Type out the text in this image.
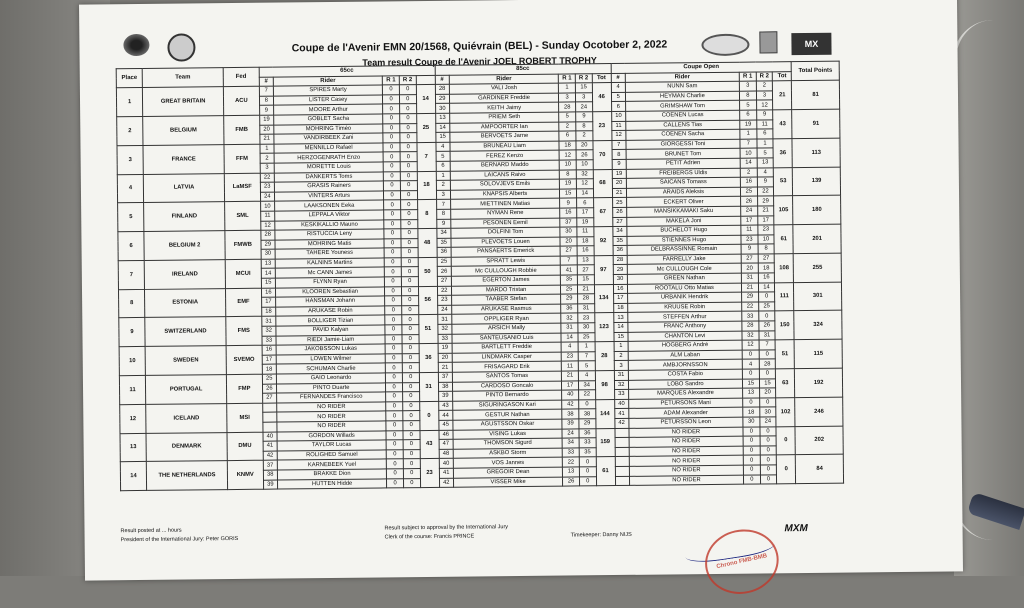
MX
Coupe de l'Avenir EMN 20/1568, Quiévrain (BEL) - Sunday Ocotober 2, 2022
Team result Coupe de l'Avenir JOEL ROBERT TROPHY
Place	Team	Fed	65cc					85cc					Coupe Open					Total Points
			#	Rider	R 1	R 2		#	Rider	R 1	R 2	Tot	#	Rider	R 1	R 2	Tot	
1	GREAT BRITAIN	ACU	7	SPIRES Marty	0	0	14	28	VALI Josh	1	15	46	4	NUNN Sam	3	2	21	81
			8	LISTER Casey	0	0		29	GARDINER Freddie	3	3		5	HEYMAN Charlie	8	3		
			9	MOORE Arthur	0	0		30	KEITH Jaimy	28	24		6	GRIMSHAW Tom	5	12		
2	BELGIUM	FMB	19	GOBLET Sacha	0	0	25	13	PRIEM Seth	5	9	23	10	COENEN Lucas	6	9	43	91
			20	MOHRING Timéo	0	0		14	AMPOORTER Ian	2	8		11	CALLENS Tias	19	11		
			21	VANDIRBEEK Zani	0	0		15	BERVOETS Jarne	6	2		12	COENEN Sacha	1	6		
3	FRANCE	FFM	1	MENNILLO Rafael	0	0	7	4	BRUNEAU Liam	18	20	70	7	GIORGESSI Toni	7	1	36	113
			2	HERZOGENRATH Enzo	0	0		5	FEREZ Kenzo	12	26		8	BRUNET Tom	10	5		
			3	MORETTE Louis	0	0		6	BERNARD Maddo	10	10		9	PETIT Adrien	14	13		
4	LATVIA	LaMSF	22	DANKERTS Toms	0	0	18	1	LAICANS Raivo	8	32	68	19	FREIBERGS Uldis	2	4	53	139
			23	GRASIS Rainers	0	0		2	SOLOVJEVS Emils	19	12		20	SAICANS Tomass	16	9		
			24	VINTERS Arturs	0	0		3	KNAPSIS Alberts	15	14		21	ARAIDS Aleksis	25	22		
5	FINLAND	SML	10	LAAKSONEN Eeka	0	0	8	7	MIETTINEN Matias	9	6	67	25	ECKERT Oliver	26	29	105	180
			11	LEPPALA Viktor	0	0		8	NYMAN Rene	16	17		26	MANSIKKAMAKI Saku	24	21		
			12	KESKIKALLIO Mauno	0	0		9	PESONEN Eemil	37	19		27	MAKELA Joni	17	17		
6	BELGIUM 2	FMWB	28	RISTUCCIA Leny	0	0	48	34	DOLFINI Tom	30	11	92	34	BUCHELOT Hugo	11	23	61	201
			29	MOHRING Matis	0	0		35	PLEVOETS Louen	20	18		35	STIENNES Hugo	23	10		
			30	TAHERE Youness	0	0		36	PANSAERTS Emerick	27	16		36	DELBRASSINNE Romain	9	8		
7	IRELAND	MCUI	13	KALNINS Martins	0	0	50	25	SPRATT Lewis	7	13	97	28	FARRELLY Jake	27	27	108	255
			14	Mc CANN James	0	0		26	Mc CULLOUGH Robbie	41	27		29	Mc CULLOUGH Cole	20	18		
			15	FLYNN Ryan	0	0		27	EGERTON James	35	15		30	GREEN Nathan	31	16		
8	ESTONIA	EMF	16	KLOOREN Sebastian	0	0	56	22	MARDO Tristan	25	21	134	16	ROOTALU Otto Matias	21	14	111	301
			17	HANSMAN Johann	0	0		23	TAABER Stefan	29	28		17	URBANIK Hendrik	29	0		
			18	ARUKASE Robin	0	0		24	ARUKASE Rasmus	36	31		18	KRUUSE Robin	22	25		
9	SWITZERLAND	FMS	31	BOLLIGER Tizian	0	0	51	31	OPPLIGER Ryan	32	23	123	13	STEFFEN Arthur	33	0	150	324
			32	PAVID Kalyan	0	0		32	ARSICH Mally	31	30		14	FRANC Anthony	28	26		
			33	RIEDI Jamie-Liam	0	0		33	SANTEUSANIO Luis	14	25		15	CHANTON Levi	32	31		
10	SWEDEN	SVEMO	16	JAKOBSSON Lukas	0	0	36	19	BARTLETT Freddie	4	1	28	1	HOGBERG André	12	7	51	115
			17	LOWEN Wilmer	0	0		20	LINDMARK Casper	23	7		2	ALM Laban	0	0		
			18	SCHUMAN Charlie	0	0		21	FRISAGARD Erik	11	5		3	AMBJORNSSON	4	28		
11	PORTUGAL	FMP	25	GAIO Leonardo	0	0	31	37	SANTOS Tomas	21	4	98	31	COSTA Fabio	0	0	63	192
			26	PINTO Duarte	0	0		38	CARDOSO Goncalo	17	34		32	LOBO Sandro	15	15		
			27	FERNANDES Francisco	0	0		39	PINTO Bernardo	40	22		33	MARQUES Alexandre	13	20		
12	ICELAND	MSI		NO RIDER	0	0	0	43	SIGURINGASON Kari	42	0	144	40	PETURSONS Mani	0	0	102	246
				NO RIDER	0	0		44	GESTUR Nathan	38	38		41	ADAM Alexander	18	30		
				NO RIDER	0	0		45	AGUSTSSON Oskar	39	29		42	PETURSSON Leon	30	24		
13	DENMARK	DMU	40	GORDON Willads	0	0	43	46	VISING Lukas	24	36	159		NO RIDER	0	0	0	202
			41	TAYLOR Lucas	0	0		47	THOMSON Sigurd	34	33			NO RIDER	0	0		
			42	ROLIGHED Samuel	0	0		48	ASKBO Storm	33	35			NO RIDER	0	0		
14	THE NETHERLANDS	KNMV	37	KARNEBEEK Yuel	0	0	23	40	VOS Jannes	22	0	61		NO RIDER	0	0	0	84
			38	BRAKKE Dion	0	0		41	GREGOIR Dean	13	0			NO RIDER	0	0		
			39	HUTTEN Hidde	0	0		42	VISSER Mike	26	0			NO RIDER	0	0		
Result posted at ... hours
President of the International Jury: Peter GORIS
Result subject to approval by the International Jury
Clerk of the course: Francis PRINCE	Timekeeper: Danny NIJS
Chrono FMB-BMB
MXM
